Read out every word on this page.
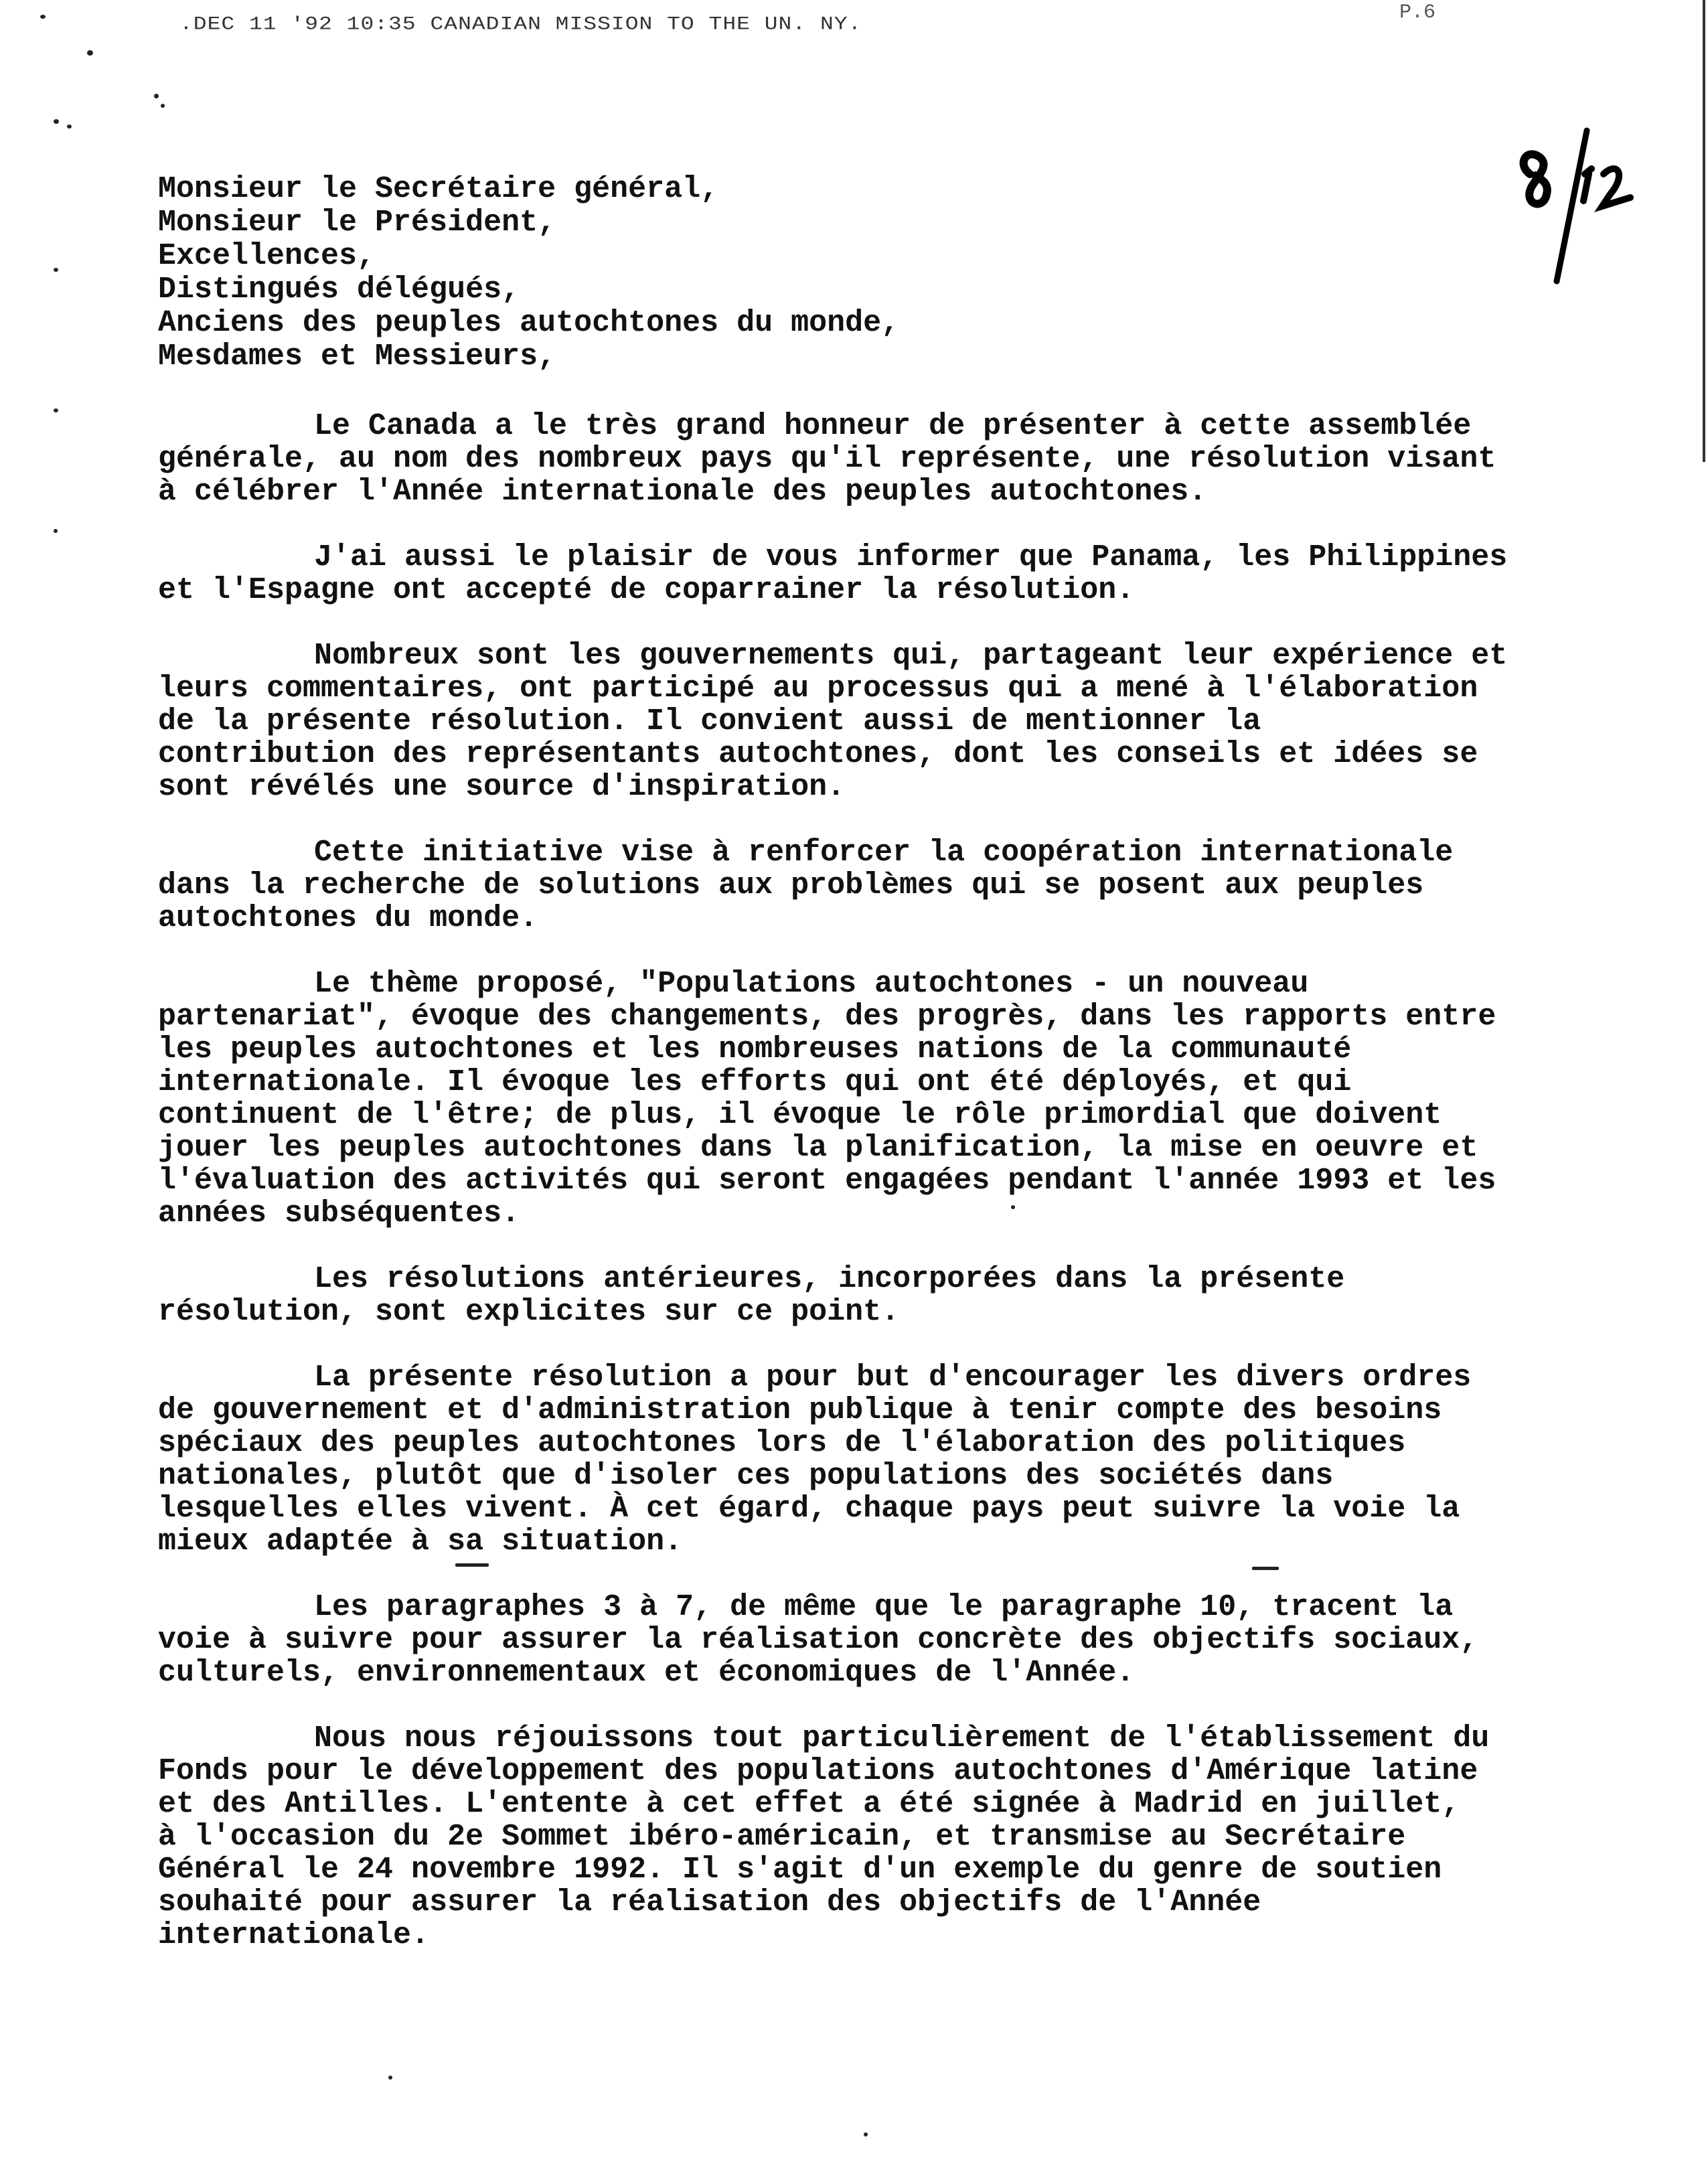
.DEC 11 '92 10:35 CANADIAN MISSION TO THE UN. NY.
P.6
Monsieur le Secrétaire général,
Monsieur le Président,
Excellences,
Distingués délégués,
Anciens des peuples autochtones du monde,
Mesdames et Messieurs,

Le Canada a le très grand honneur de présenter à cette assemblée
générale, au nom des nombreux pays qu'il représente, une résolution visant
à célébrer l'Année internationale des peuples autochtones.

J'ai aussi le plaisir de vous informer que Panama, les Philippines
et l'Espagne ont accepté de coparrainer la résolution.

Nombreux sont les gouvernements qui, partageant leur expérience et
leurs commentaires, ont participé au processus qui a mené à l'élaboration
de la présente résolution. Il convient aussi de mentionner la
contribution des représentants autochtones, dont les conseils et idées se
sont révélés une source d'inspiration.

Cette initiative vise à renforcer la coopération internationale
dans la recherche de solutions aux problèmes qui se posent aux peuples
autochtones du monde.

Le thème proposé, "Populations autochtones - un nouveau
partenariat", évoque des changements, des progrès, dans les rapports entre
les peuples autochtones et les nombreuses nations de la communauté
internationale. Il évoque les efforts qui ont été déployés, et qui
continuent de l'être; de plus, il évoque le rôle primordial que doivent
jouer les peuples autochtones dans la planification, la mise en oeuvre et
l'évaluation des activités qui seront engagées pendant l'année 1993 et les
années subséquentes.

Les résolutions antérieures, incorporées dans la présente
résolution, sont explicites sur ce point.

La présente résolution a pour but d'encourager les divers ordres
de gouvernement et d'administration publique à tenir compte des besoins
spéciaux des peuples autochtones lors de l'élaboration des politiques
nationales, plutôt que d'isoler ces populations des sociétés dans
lesquelles elles vivent. À cet égard, chaque pays peut suivre la voie la
mieux adaptée à sa situation.

Les paragraphes 3 à 7, de même que le paragraphe 10, tracent la
voie à suivre pour assurer la réalisation concrète des objectifs sociaux,
culturels, environnementaux et économiques de l'Année.

Nous nous réjouissons tout particulièrement de l'établissement du
Fonds pour le développement des populations autochtones d'Amérique latine
et des Antilles. L'entente à cet effet a été signée à Madrid en juillet,
à l'occasion du 2e Sommet ibéro-américain, et transmise au Secrétaire
Général le 24 novembre 1992. Il s'agit d'un exemple du genre de soutien
souhaité pour assurer la réalisation des objectifs de l'Année
internationale.
